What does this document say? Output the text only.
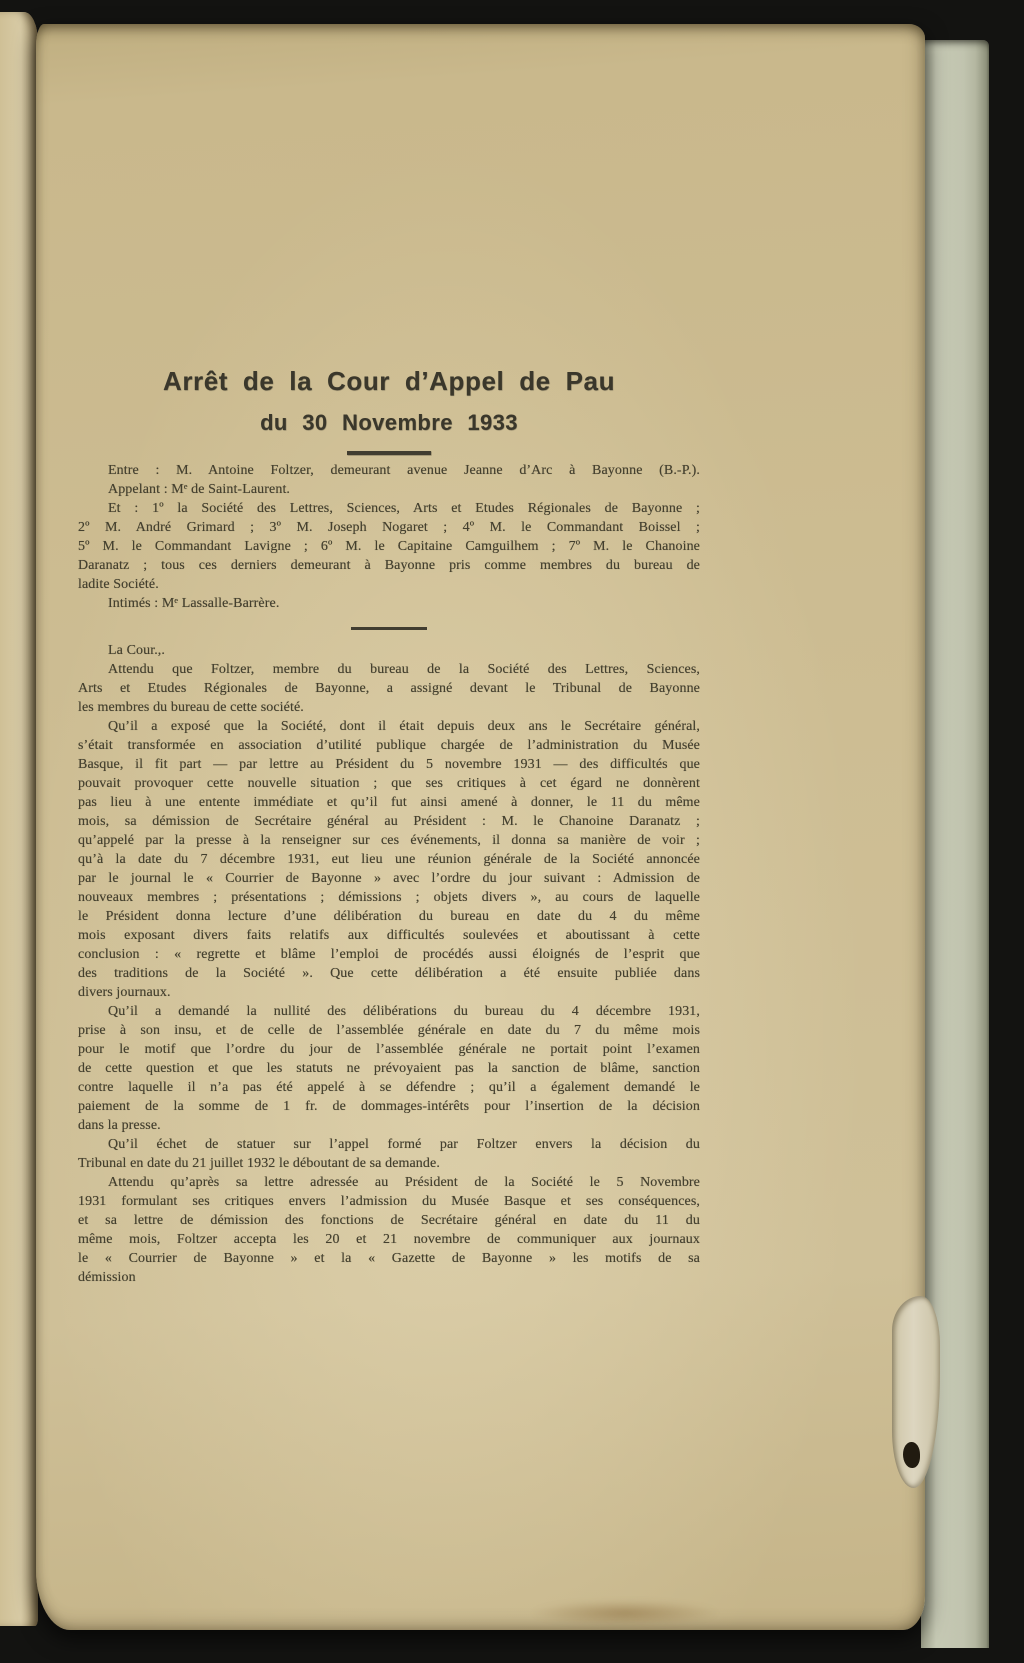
Arrêt de la Cour d’Appel de Pau
du 30 Novembre 1933

Entre : M. Antoine Foltzer, demeurant avenue Jeanne d’Arc à Bayonne (B.-P.).

Appelant : Mᵉ de Saint-Laurent.

Et : 1º la Société des Lettres, Sciences, Arts et Etudes Régionales de Bayonne ;
2º M. André Grimard ; 3º M. Joseph Nogaret ; 4º M. le Commandant Boissel ;
5º M. le Commandant Lavigne ; 6º M. le Capitaine Camguilhem ; 7º M. le Chanoine
Daranatz ; tous ces derniers demeurant à Bayonne pris comme membres du bureau de
ladite Société.

Intimés : Mᵉ Lassalle-Barrère.

La Cour.,.

Attendu que Foltzer, membre du bureau de la Société des Lettres, Sciences,
Arts et Etudes Régionales de Bayonne, a assigné devant le Tribunal de Bayonne
les membres du bureau de cette société.

Qu’il a exposé que la Société, dont il était depuis deux ans le Secrétaire général,
s’était transformée en association d’utilité publique chargée de l’administration du Musée
Basque, il fit part — par lettre au Président du 5 novembre 1931 — des difficultés que
pouvait provoquer cette nouvelle situation ; que ses critiques à cet égard ne donnèrent
pas lieu à une entente immédiate et qu’il fut ainsi amené à donner, le 11 du même
mois, sa démission de Secrétaire général au Président : M. le Chanoine Daranatz ;
qu’appelé par la presse à la renseigner sur ces événements, il donna sa manière de voir ;
qu’à la date du 7 décembre 1931, eut lieu une réunion générale de la Société annoncée
par le journal le « Courrier de Bayonne » avec l’ordre du jour suivant : Admission de
nouveaux membres ; présentations ; démissions ; objets divers », au cours de laquelle
le Président donna lecture d’une délibération du bureau en date du 4 du même
mois exposant divers faits relatifs aux difficultés soulevées et aboutissant à cette
conclusion : « regrette et blâme l’emploi de procédés aussi éloignés de l’esprit que
des traditions de la Société ». Que cette délibération a été ensuite publiée dans
divers journaux.

Qu’il a demandé la nullité des délibérations du bureau du 4 décembre 1931,
prise à son insu, et de celle de l’assemblée générale en date du 7 du même mois
pour le motif que l’ordre du jour de l’assemblée générale ne portait point l’examen
de cette question et que les statuts ne prévoyaient pas la sanction de blâme, sanction
contre laquelle il n’a pas été appelé à se défendre ; qu’il a également demandé le
paiement de la somme de 1 fr. de dommages-intérêts pour l’insertion de la décision
dans la presse.

Qu’il échet de statuer sur l’appel formé par Foltzer envers la décision du
Tribunal en date du 21 juillet 1932 le déboutant de sa demande.

Attendu qu’après sa lettre adressée au Président de la Société le 5 Novembre
1931 formulant ses critiques envers l’admission du Musée Basque et ses conséquences,
et sa lettre de démission des fonctions de Secrétaire général en date du 11 du
même mois, Foltzer accepta les 20 et 21 novembre de communiquer aux journaux
le « Courrier de Bayonne » et la « Gazette de Bayonne » les motifs de sa
démission
